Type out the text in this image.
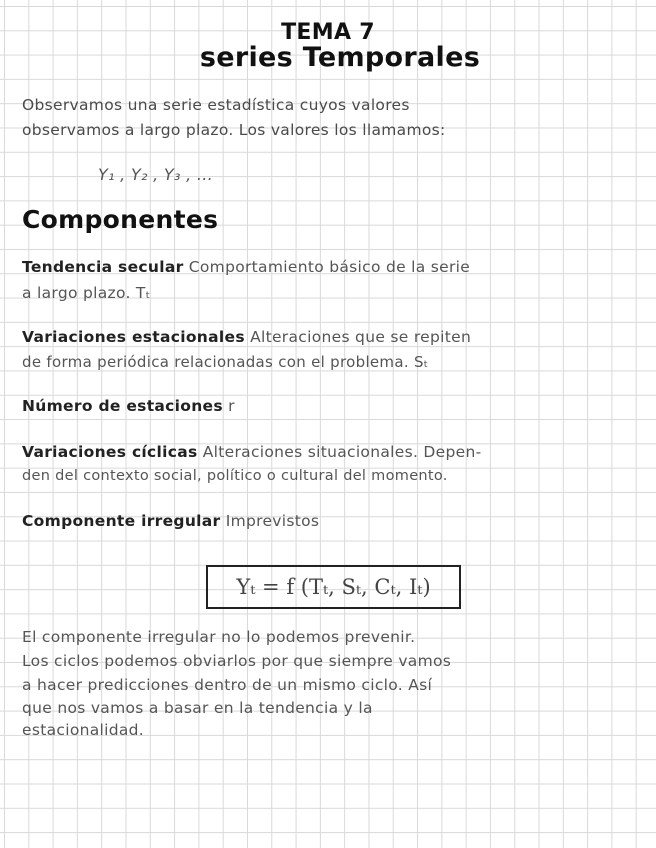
TEMA 7
series Temporales
Observamos una serie estadística cuyos valores
observamos a largo plazo. Los valores los llamamos:
Y₁ , Y₂ , Y₃ , ...
Componentes
Tendencia secular Comportamiento básico de la serie
a largo plazo. Tₜ
Variaciones estacionales Alteraciones que se repiten
de forma periódica relacionadas con el problema. Sₜ
Número de estaciones r
Variaciones cíclicas Alteraciones situacionales. Depen-
den del contexto social, político o cultural del momento.
Componente irregular Imprevistos
Yₜ = f (Tₜ, Sₜ, Cₜ, Iₜ)
El componente irregular no lo podemos prevenir.
Los ciclos podemos obviarlos por que siempre vamos
a hacer predicciones dentro de un mismo ciclo. Así
que nos vamos a basar en la tendencia y la
estacionalidad.
